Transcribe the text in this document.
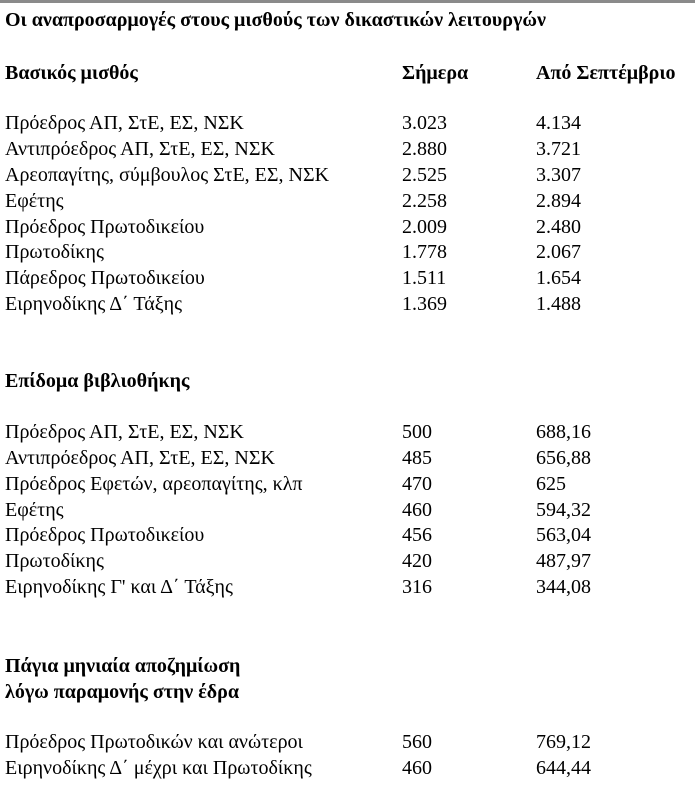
Οι αναπροσαρμογές στους μισθούς των δικαστικών λειτουργών
Βασικός μισθός	Σήμερα	Από Σεπτέμβριο
Πρόεδρος ΑΠ, ΣτΕ, ΕΣ, ΝΣΚ	3.023	4.134
Αντιπρόεδρος ΑΠ, ΣτΕ, ΕΣ, ΝΣΚ	2.880	3.721
Αρεοπαγίτης, σύμβουλος ΣτΕ, ΕΣ, ΝΣΚ	2.525	3.307
Εφέτης	2.258	2.894
Πρόεδρος Πρωτοδικείου	2.009	2.480
Πρωτοδίκης	1.778	2.067
Πάρεδρος Πρωτοδικείου	1.511	1.654
Ειρηνοδίκης Δ΄ Τάξης	1.369	1.488
Επίδομα βιβλιοθήκης
Πρόεδρος ΑΠ, ΣτΕ, ΕΣ, ΝΣΚ	500	688,16
Αντιπρόεδρος ΑΠ, ΣτΕ, ΕΣ, ΝΣΚ	485	656,88
Πρόεδρος Εφετών, αρεοπαγίτης, κλπ	470	625
Εφέτης	460	594,32
Πρόεδρος Πρωτοδικείου	456	563,04
Πρωτοδίκης	420	487,97
Ειρηνοδίκης Γ' και Δ΄ Τάξης	316	344,08
Πάγια μηνιαία αποζημίωση
λόγω παραμονής στην έδρα
Πρόεδρος Πρωτοδικών και ανώτεροι	560	769,12
Ειρηνοδίκης Δ΄ μέχρι και Πρωτοδίκης	460	644,44
